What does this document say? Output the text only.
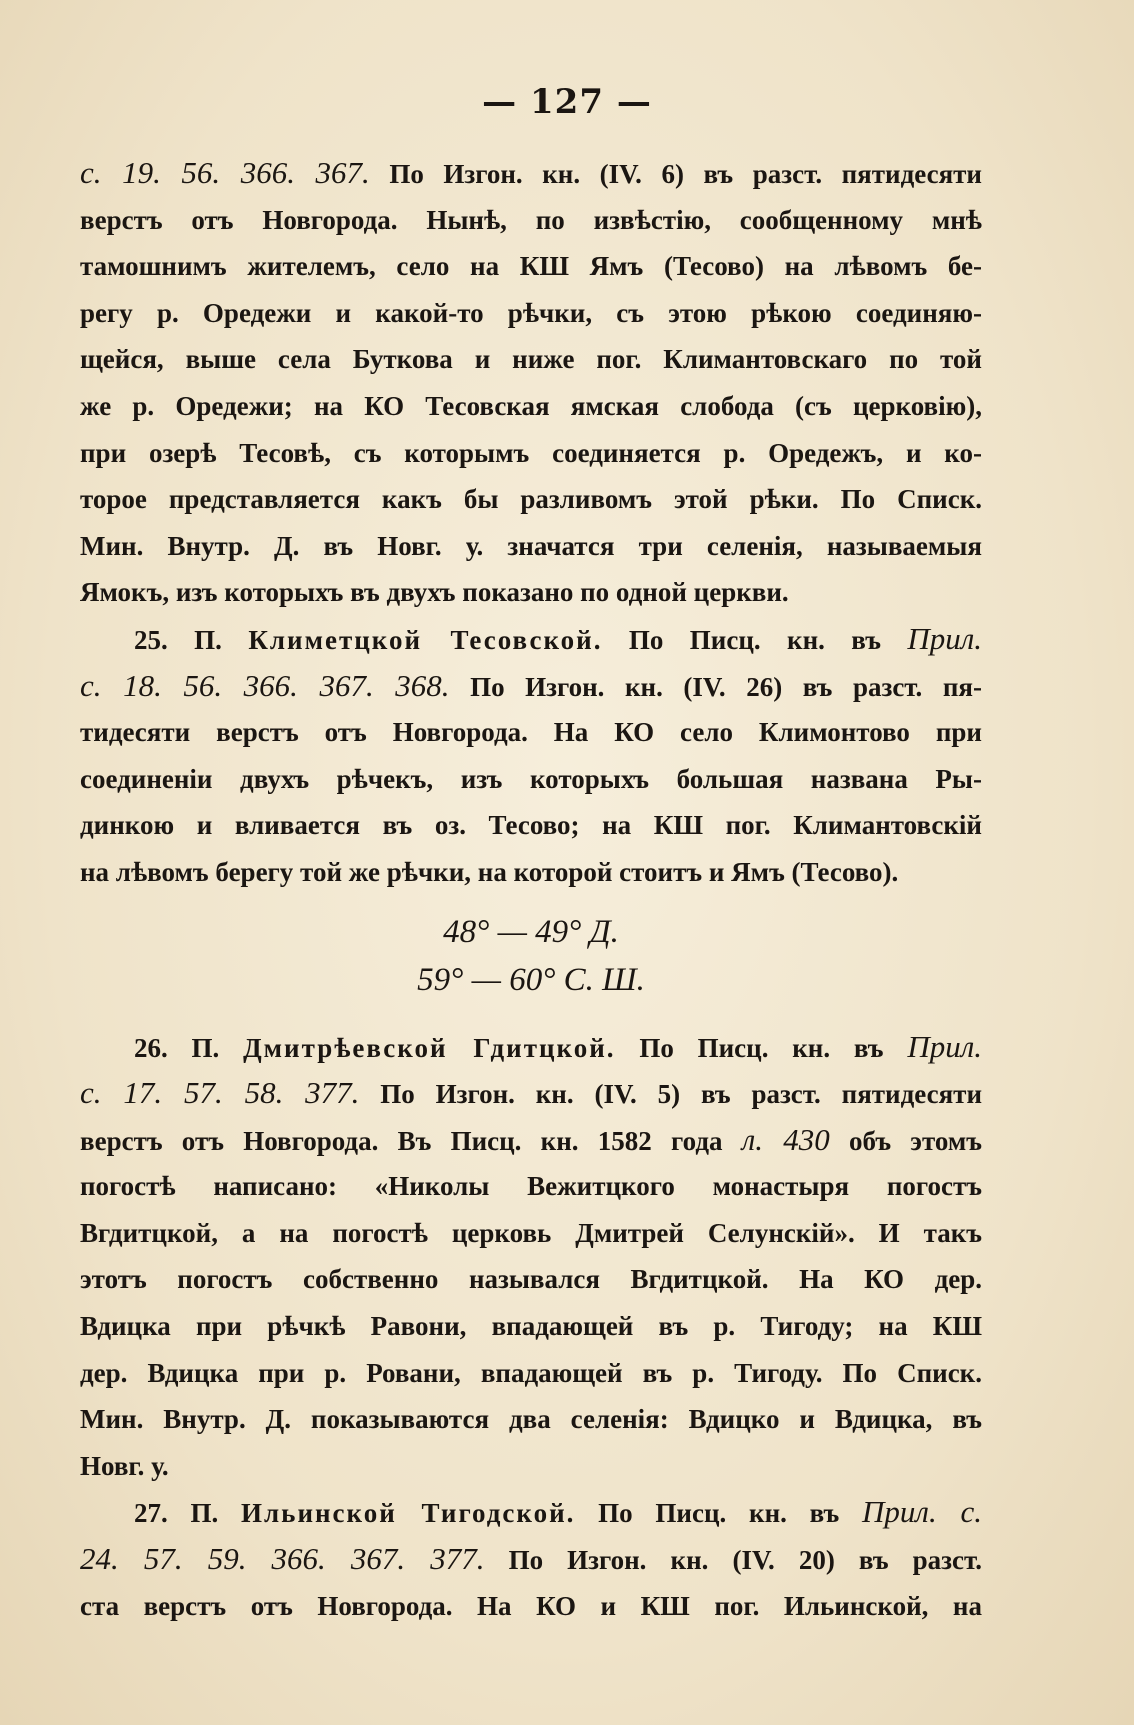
— 127 —
c. 19. 56. 366. 367. По Изгон. кн. (IV. 6) въ разст. пятидесяти
верстъ отъ Новгорода. Нынѣ, по извѣстію, сообщенному мнѣ
тамошнимъ жителемъ, село на КШ Ямъ (Тесово) на лѣвомъ бе-
регу р. Оредежи и какой-то рѣчки, съ этою рѣкою соединяю-
щейся, выше села Буткова и ниже пог. Климантовскаго по той
же р. Оредежи; на КО Тесовская ямская слобода (съ церковію),
при озерѣ Тесовѣ, съ которымъ соединяется р. Оредежъ, и ко-
торое представляется какъ бы разливомъ этой рѣки. По Списк.
Мин. Внутр. Д. въ Новг. у. значатся три селенія, называемыя
Ямокъ, изъ которыхъ въ двухъ показано по одной церкви.
25. П. Климетцкой Тесовской. По Писц. кн. въ Прил.
c. 18. 56. 366. 367. 368. По Изгон. кн. (IV. 26) въ разст. пя-
тидесяти верстъ отъ Новгорода. На КО село Климонтово при
соединеніи двухъ рѣчекъ, изъ которыхъ большая названа Ры-
динкою и вливается въ оз. Тесово; на КШ пог. Климантовскій
на лѣвомъ берегу той же рѣчки, на которой стоитъ и Ямъ (Тесово).
48° — 49° Д.
59° — 60° С. Ш.
26. П. Дмитрѣевской Гдитцкой. По Писц. кн. въ Прил.
c. 17. 57. 58. 377. По Изгон. кн. (IV. 5) въ разст. пятидесяти
верстъ отъ Новгорода. Въ Писц. кн. 1582 года л. 430 объ этомъ
погостѣ написано: «Николы Вежитцкого монастыря погостъ
Вгдитцкой, а на погостѣ церковь Дмитрей Селунскій». И такъ
этотъ погостъ собственно назывался Вгдитцкой. На КО дер.
Вдицка при рѣчкѣ Равони, впадающей въ р. Тигоду; на КШ
дер. Вдицка при р. Ровани, впадающей въ р. Тигоду. По Списк.
Мин. Внутр. Д. показываются два селенія: Вдицко и Вдицка, въ
Новг. у.
27. П. Ильинской Тигодской. По Писц. кн. въ Прил. c.
24. 57. 59. 366. 367. 377. По Изгон. кн. (IV. 20) въ разст.
ста верстъ отъ Новгорода. На КО и КШ пог. Ильинской, на
